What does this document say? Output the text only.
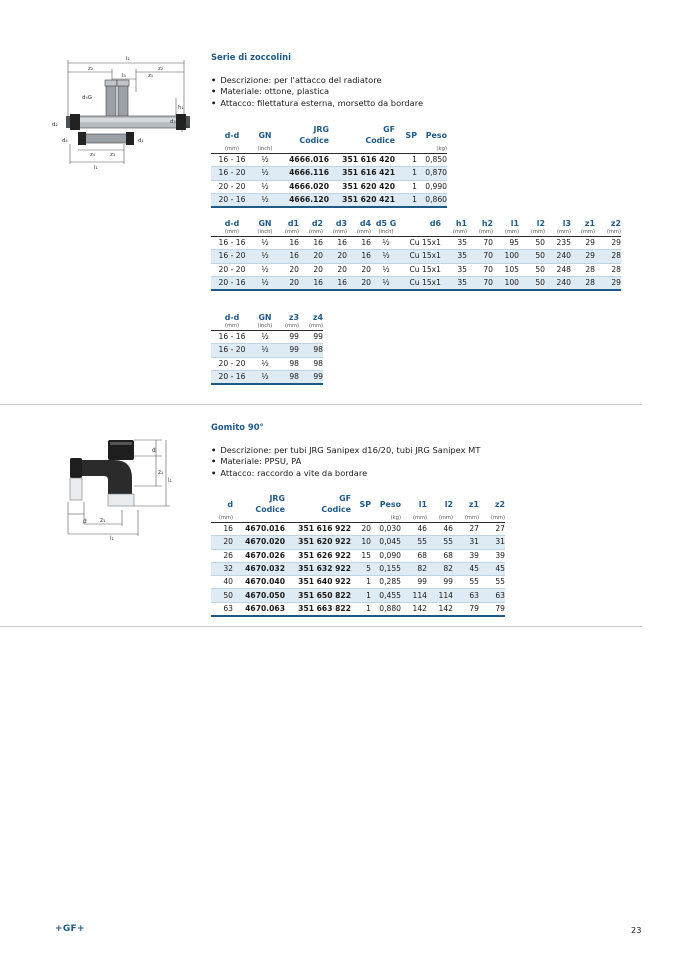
l₂
z₂	z₂
l₃	z₁
d₅G
h₁
h₂
d₃
d₂
d₄	d₁
z₄	z₃
l₁
Serie di zoccolini
• Descrizione: per l'attacco del radiatore
• Materiale: ottone, plastica
• Attacco: filettatura esterna, morsetto da bordare
d-d	GN	JRG
Codice	GF
Codice	SP	Peso
(mm)	(inch)				(kg)
16 - 16	½	4666.016	351 616 420	1	0,850
16 - 20	½	4666.116	351 616 421	1	0,870
20 - 20	½	4666.020	351 620 420	1	0,990
20 - 16	½	4666.120	351 620 421	1	0,860
d-d	GN	d1	d2	d3	d4	d5 G	d6	h1	h2	l1	l2	l3	z1	z2
(mm)	(inch)	(mm)	(mm)	(mm)	(mm)	(inch)		(mm)	(mm)	(mm)	(mm)	(mm)	(mm)	(mm)
16 - 16	½	16	16	16	16	½	Cu 15x1	35	70	95	50	235	29	29
16 - 20	½	16	20	20	16	½	Cu 15x1	35	70	100	50	240	29	28
20 - 20	½	20	20	20	20	½	Cu 15x1	35	70	105	50	248	28	28
20 - 16	½	20	16	16	20	½	Cu 15x1	35	70	100	50	240	28	29
d-d	GN	z3	z4
(mm)	(inch)	(mm)	(mm)
16 - 16	½	99	99
16 - 20	½	99	98
20 - 20	½	98	98
20 - 16	½	98	99
d
z₁
l₁
d z₁
l₁
Gomito 90°
• Descrizione: per tubi JRG Sanipex d16/20, tubi JRG Sanipex MT
• Materiale: PPSU, PA
• Attacco: raccordo a vite da bordare
d	JRG
Codice	GF
Codice	SP	Peso	l1	l2	z1	z2
(mm)				(kg)	(mm)	(mm)	(mm)	(mm)
16	4670.016	351 616 922	20	0,030	46	46	27	27
20	4670.020	351 620 922	10	0,045	55	55	31	31
26	4670.026	351 626 922	15	0,090	68	68	39	39
32	4670.032	351 632 922	5	0,155	82	82	45	45
40	4670.040	351 640 922	1	0,285	99	99	55	55
50	4670.050	351 650 822	1	0,455	114	114	63	63
63	4670.063	351 663 822	1	0,880	142	142	79	79
+GF+	23
